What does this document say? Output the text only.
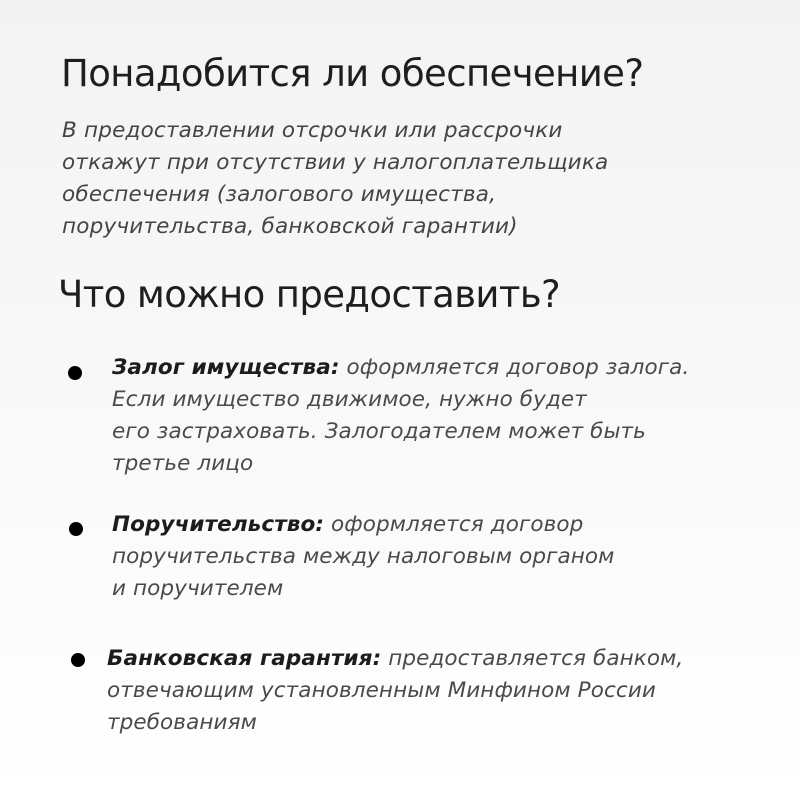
Понадобится ли обеспечение?

В предоставлении отсрочки или рассрочки
откажут при отсутствии у налогоплательщика
обеспечения (залогового имущества,
поручительства, банковской гарантии)

Что можно предоставить?

Залог имущества: оформляется договор залога.
Если имущество движимое, нужно будет
его застраховать. Залогодателем может быть
третье лицо

Поручительство: оформляется договор
поручительства между налоговым органом
и поручителем

Банковская гарантия: предоставляется банком,
отвечающим установленным Минфином России
требованиям
